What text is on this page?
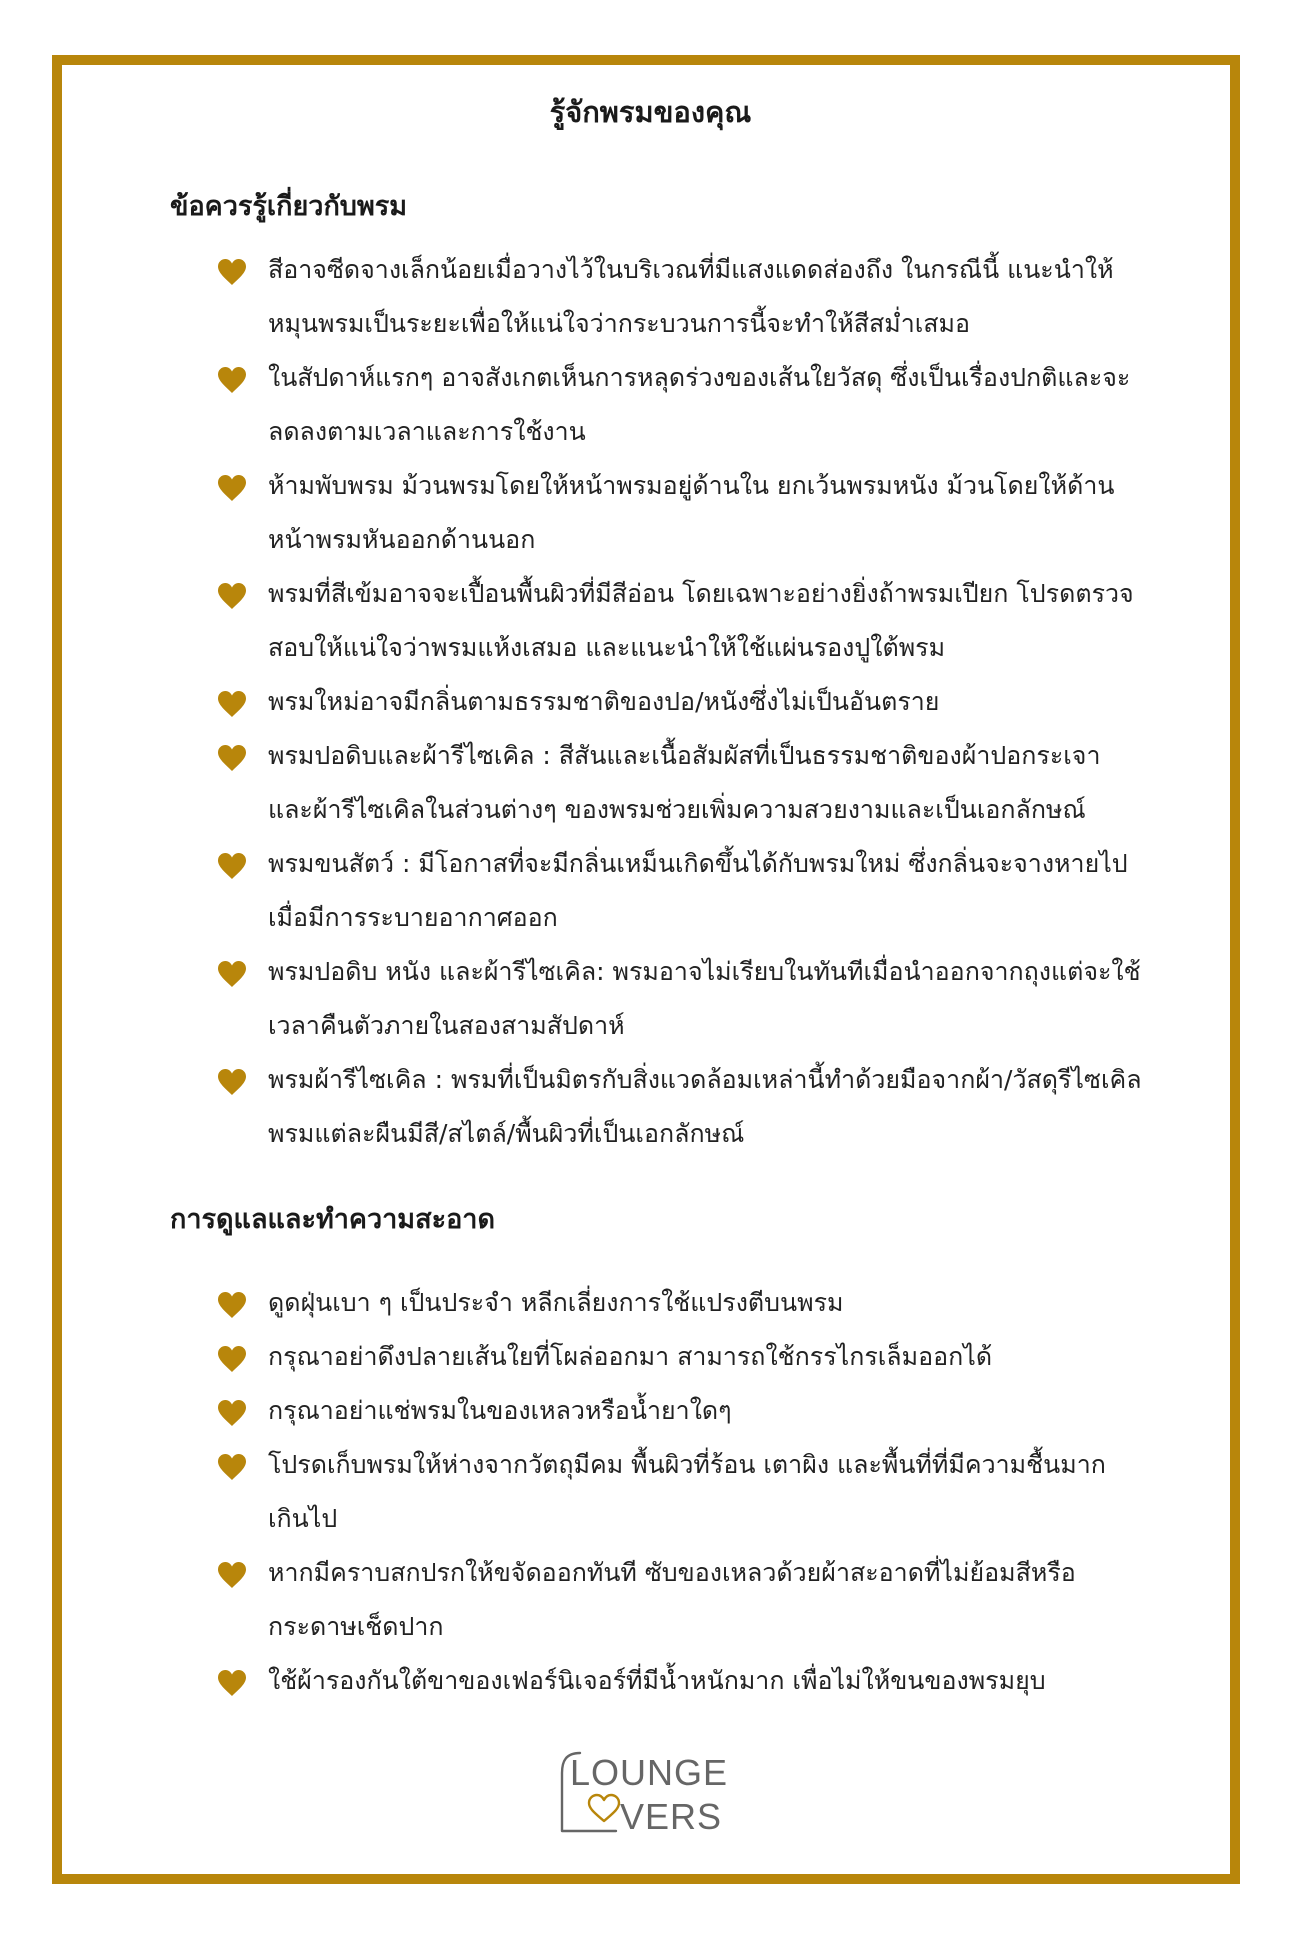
รู้จักพรมของคุณ
ข้อควรรู้เกี่ยวกับพรม
สีอาจซีดจางเล็กน้อยเมื่อวางไว้ในบริเวณที่มีแสงแดดส่องถึง ในกรณีนี้ แนะนำให้หมุนพรมเป็นระยะเพื่อให้แน่ใจว่ากระบวนการนี้จะทำให้สีสม่ำเสมอ
ในสัปดาห์แรกๆ อาจสังเกตเห็นการหลุดร่วงของเส้นใยวัสดุ ซึ่งเป็นเรื่องปกติและจะลดลงตามเวลาและการใช้งาน
ห้ามพับพรม ม้วนพรมโดยให้หน้าพรมอยู่ด้านใน ยกเว้นพรมหนัง ม้วนโดยให้ด้าน หน้าพรมหันออกด้านนอก
พรมที่สีเข้มอาจจะเปื้อนพื้นผิวที่มีสีอ่อน โดยเฉพาะอย่างยิ่งถ้าพรมเปียก โปรดตรวจสอบให้แน่ใจว่าพรมแห้งเสมอ และแนะนำให้ใช้แผ่นรองปูใต้พรม
พรมใหม่อาจมีกลิ่นตามธรรมชาติของปอ/หนังซึ่งไม่เป็นอันตราย
พรมปอดิบและผ้ารีไซเคิล : สีสันและเนื้อสัมผัสที่เป็นธรรมชาติของผ้าปอกระเจาและผ้ารีไซเคิลในส่วนต่างๆ ของพรมช่วยเพิ่มความสวยงามและเป็นเอกลักษณ์
พรมขนสัตว์ : มีโอกาสที่จะมีกลิ่นเหม็นเกิดขึ้นได้กับพรมใหม่ ซึ่งกลิ่นจะจางหายไปเมื่อมีการระบายอากาศออก
พรมปอดิบ หนัง และผ้ารีไซเคิล: พรมอาจไม่เรียบในทันทีเมื่อนำออกจากถุงแต่จะใช้เวลาคืนตัวภายในสองสามสัปดาห์
พรมผ้ารีไซเคิล : พรมที่เป็นมิตรกับสิ่งแวดล้อมเหล่านี้ทำด้วยมือจากผ้า/วัสดุรีไซเคิล พรมแต่ละผืนมีสี/สไตล์/พื้นผิวที่เป็นเอกลักษณ์
การดูแลและทำความสะอาด
ดูดฝุ่นเบา ๆ เป็นประจำ หลีกเลี่ยงการใช้แปรงตีบนพรม
กรุณาอย่าดึงปลายเส้นใยที่โผล่ออกมา สามารถใช้กรรไกรเล็มออกได้
กรุณาอย่าแช่พรมในของเหลวหรือน้ำยาใดๆ
โปรดเก็บพรมให้ห่างจากวัตถุมีคม พื้นผิวที่ร้อน เตาผิง และพื้นที่ที่มีความชื้นมากเกินไป
หากมีคราบสกปรกให้ขจัดออกทันที ซับของเหลวด้วยผ้าสะอาดที่ไม่ย้อมสีหรือกระดาษเช็ดปาก
ใช้ผ้ารองกันใต้ขาของเฟอร์นิเจอร์ที่มีน้ำหนักมาก เพื่อไม่ให้ขนของพรมยุบ
LOUNGE
VERS
